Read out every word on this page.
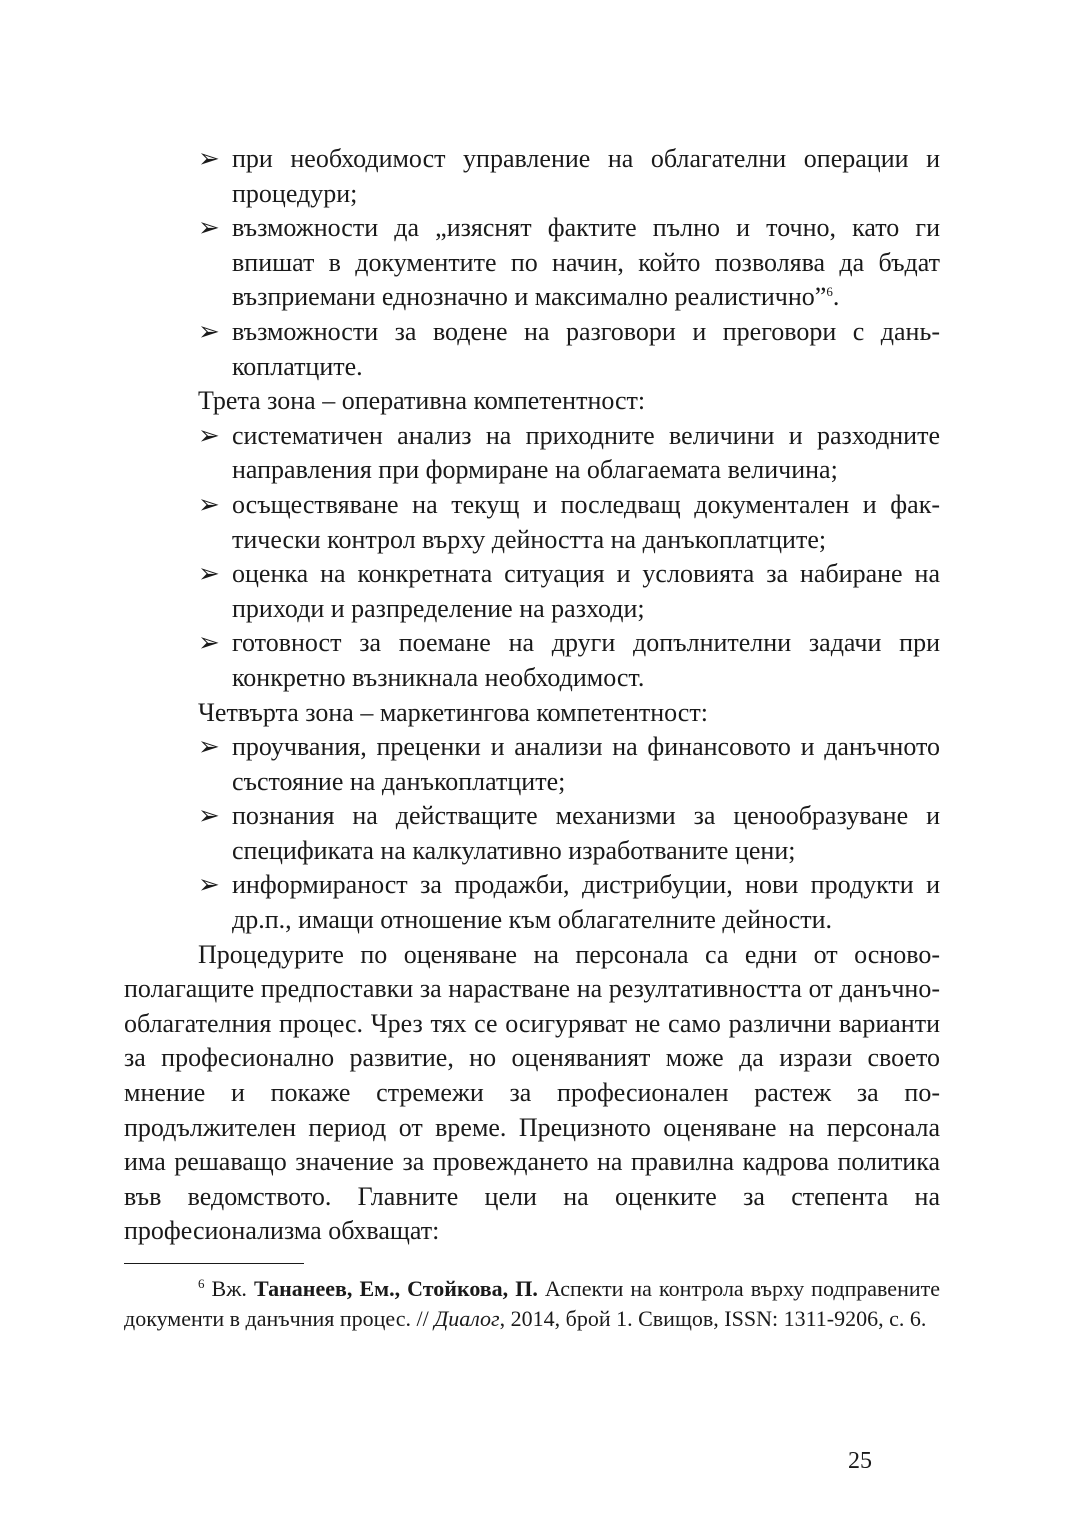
➢ при необходимост управление на облагателни операции и процедури;
➢ възможности да „изяснят фактите пълно и точно, като ги впишат в документите по начин, който позволява да бъдат възприемани еднозначно и максимално реалистично”$^6$.
➢ възможности за водене на разговори и преговори с данькоплатците.

Трета зона – оперативна компетентност:

➢ систематичен анализ на приходните величини и разходните направления при формиране на облагаемата величина;
➢ осъществяване на текущ и последващ документален и фактически контрол върху дейността на данъкоплатците;
➢ оценка на конкретната ситуация и условията за набиране на приходи и разпределение на разходи;
➢ готовност за поемане на други допълнителни задачи при конкретно възникнала необходимост.

Четвърта зона – маркетингова компетентност:

➢ проучвания, преценки и анализи на финансовото и данъчното състояние на данъкоплатците;
➢ познания на действащите механизми за ценообразуване и спецификата на калкулативно изработваните цени;
➢ информираност за продажби, дистрибуции, нови продукти и др.п., имащи отношение към облагателните дейности.

Процедурите по оценяване на персонала са едни от основополагащите предпоставки за нарастване на резултативността от данъчно-облагателния процес. Чрез тях се осигуряват не само различни варианти за професионално развитие, но оценяваният може да изрази своето мнение и покаже стремежи за професионален растеж за по-продължителен период от време. Прецизното оценяване на персонала има решаващо значение за провеждането на правилна кадрова политика във ведомството. Главните цели на оценките за степента на професионализма обхващат:

$^6$ Вж. Тананеев, Ем., Стойкова, П. Аспекти на контрола върху подправените документи в данъчния процес. // Диалог, 2014, брой 1. Свищов, ISSN: 1311-9206, с. 6.

25
